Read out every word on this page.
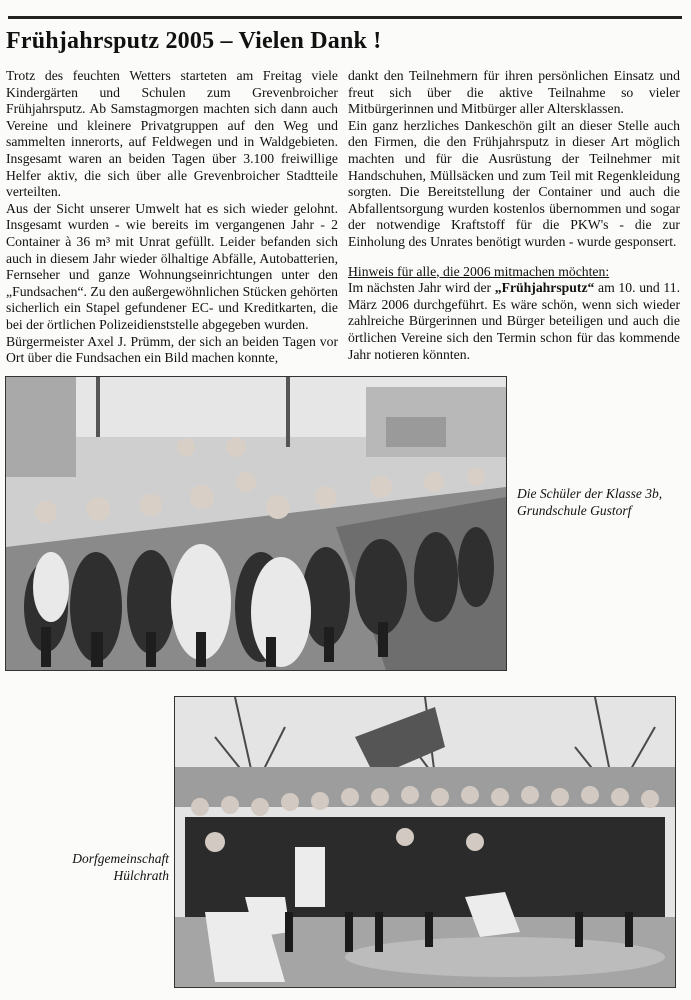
Frühjahrsputz 2005 – Vielen Dank !

Trotz des feuchten Wetters starteten am Freitag viele Kindergärten und Schulen zum Grevenbroicher Frühjahrsputz. Ab Samstagmorgen machten sich dann auch Vereine und kleinere Privatgruppen auf den Weg und sammelten innerorts, auf Feldwegen und in Waldgebieten. Insgesamt waren an beiden Tagen über 3.100 freiwillige Helfer aktiv, die sich über alle Grevenbroicher Stadtteile verteilten.

Aus der Sicht unserer Umwelt hat es sich wieder gelohnt. Insgesamt wurden - wie bereits im vergangenen Jahr - 2 Container à 36 m³ mit Unrat gefüllt. Leider befanden sich auch in diesem Jahr wieder ölhaltige Abfälle, Autobatterien, Fernseher und ganze Wohnungseinrichtungen unter den „Fundsachen“. Zu den außergewöhnlichen Stücken gehörten sicherlich ein Stapel gefundener EC- und Kreditkarten, die bei der örtlichen Polizeidienststelle abgegeben wurden.

Bürgermeister Axel J. Prümm, der sich an beiden Tagen vor Ort über die Fundsachen ein Bild machen konnte,

dankt den Teilnehmern für ihren persönlichen Einsatz und freut sich über die aktive Teilnahme so vieler Mitbürgerinnen und Mitbürger aller Altersklassen.

Ein ganz herzliches Dankeschön gilt an dieser Stelle auch den Firmen, die den Frühjahrsputz in dieser Art möglich machten und für die Ausrüstung der Teilnehmer mit Handschuhen, Müllsäcken und zum Teil mit Regenkleidung sorgten. Die Bereitstellung der Container und auch die Abfallentsorgung wurden kostenlos übernommen und sogar der notwendige Kraftstoff für die PKW's - die zur Einholung des Unrates benötigt wurden - wurde gesponsert.

Hinweis für alle, die 2006 mitmachen möchten:

Im nächsten Jahr wird der „Frühjahrsputz“ am 10. und 11. März 2006 durchgeführt. Es wäre schön, wenn sich wieder zahlreiche Bürgerinnen und Bürger beteiligen und auch die örtlichen Vereine sich den Termin schon für das kommende Jahr notieren könnten.

Die Schüler der Klasse 3b,
Grundschule Gustorf
Dorfgemeinschaft
Hülchrath
